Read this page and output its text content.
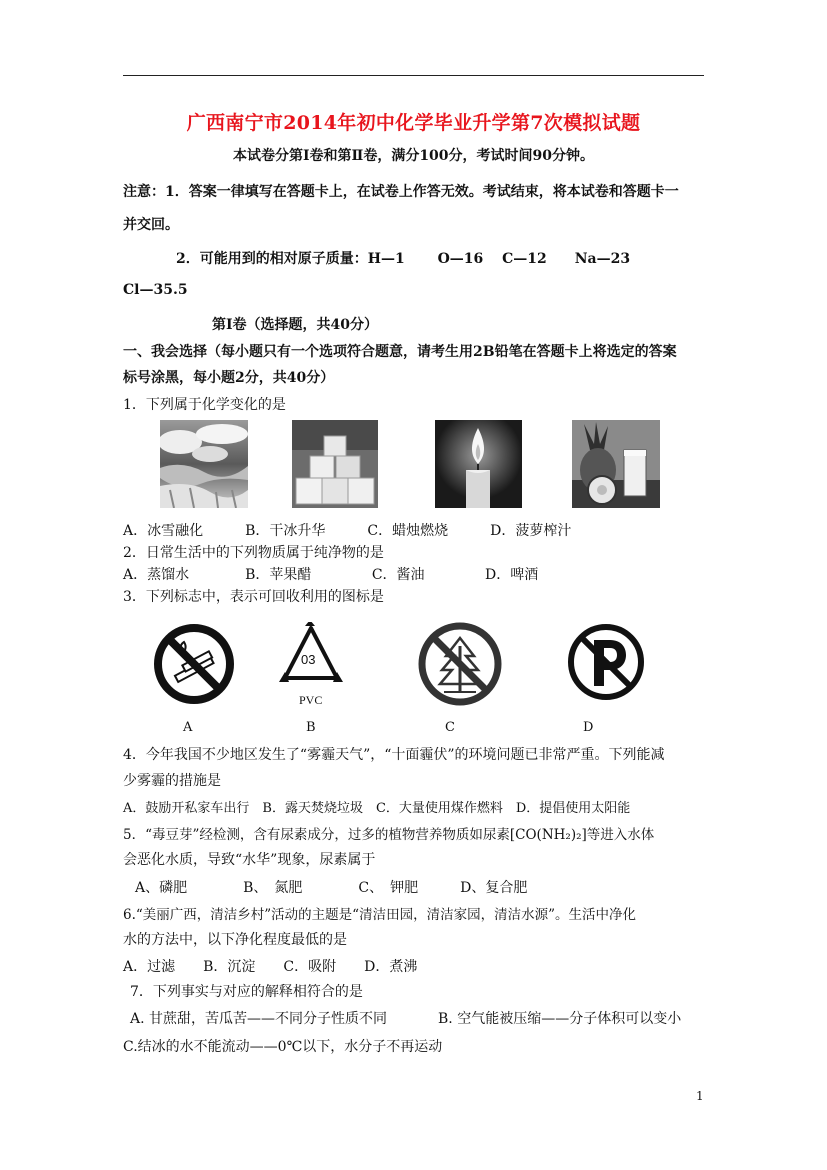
广西南宁市2014年初中化学毕业升学第7次模拟试题
本试卷分第Ⅰ卷和第Ⅱ卷，满分100分，考试时间90分钟。
注意：1．答案一律填写在答题卡上，在试卷上作答无效。考试结束，将本试卷和答题卡一
并交回。
2．可能用到的相对原子质量：H—1　　 O—16　 C—12　　Na—23
Cl—35.5
第Ⅰ卷（选择题，共40分）
一、我会选择（每小题只有一个选项符合题意，请考生用2B铅笔在答题卡上将选定的答案
标号涂黑，每小题2分，共40分）
1．下列属于化学变化的是
A．冰雪融化　　　B．干冰升华　　　C．蜡烛燃烧　　　D．菠萝榨汁
2．日常生活中的下列物质属于纯净物的是
A．蒸馏水　　　　B．苹果醋　　　　 C．酱油　　　　 D．啤酒
3．下列标志中，表示可回收利用的图标是
03
PVC
A	B	C	D
4．今年我国不少地区发生了“雾霾天气”，“十面霾伏”的环境问题已非常严重。下列能减
少雾霾的措施是
A．鼓励开私家车出行　B．露天焚烧垃圾　C．大量使用煤作燃料　D．提倡使用太阳能
5．“毒豆芽”经检测，含有尿素成分，过多的植物营养物质如尿素[CO(NH₂)₂]等进入水体
会恶化水质，导致“水华”现象，尿素属于
A、磷肥　　　　B、　氮肥　　　　C、　钾肥　　　D、复合肥
6.“美丽广西，清洁乡村”活动的主题是“清洁田园，清洁家园，清洁水源”。生活中净化
水的方法中，以下净化程度最低的是
A．过滤　　B．沉淀　　C．吸附　　D．煮沸
7．下列事实与对应的解释相符合的是
A. 甘蔗甜，苦瓜苦——不同分子性质不同	B. 空气能被压缩——分子体积可以变小
C.结冰的水不能流动——0℃以下，水分子不再运动
1
